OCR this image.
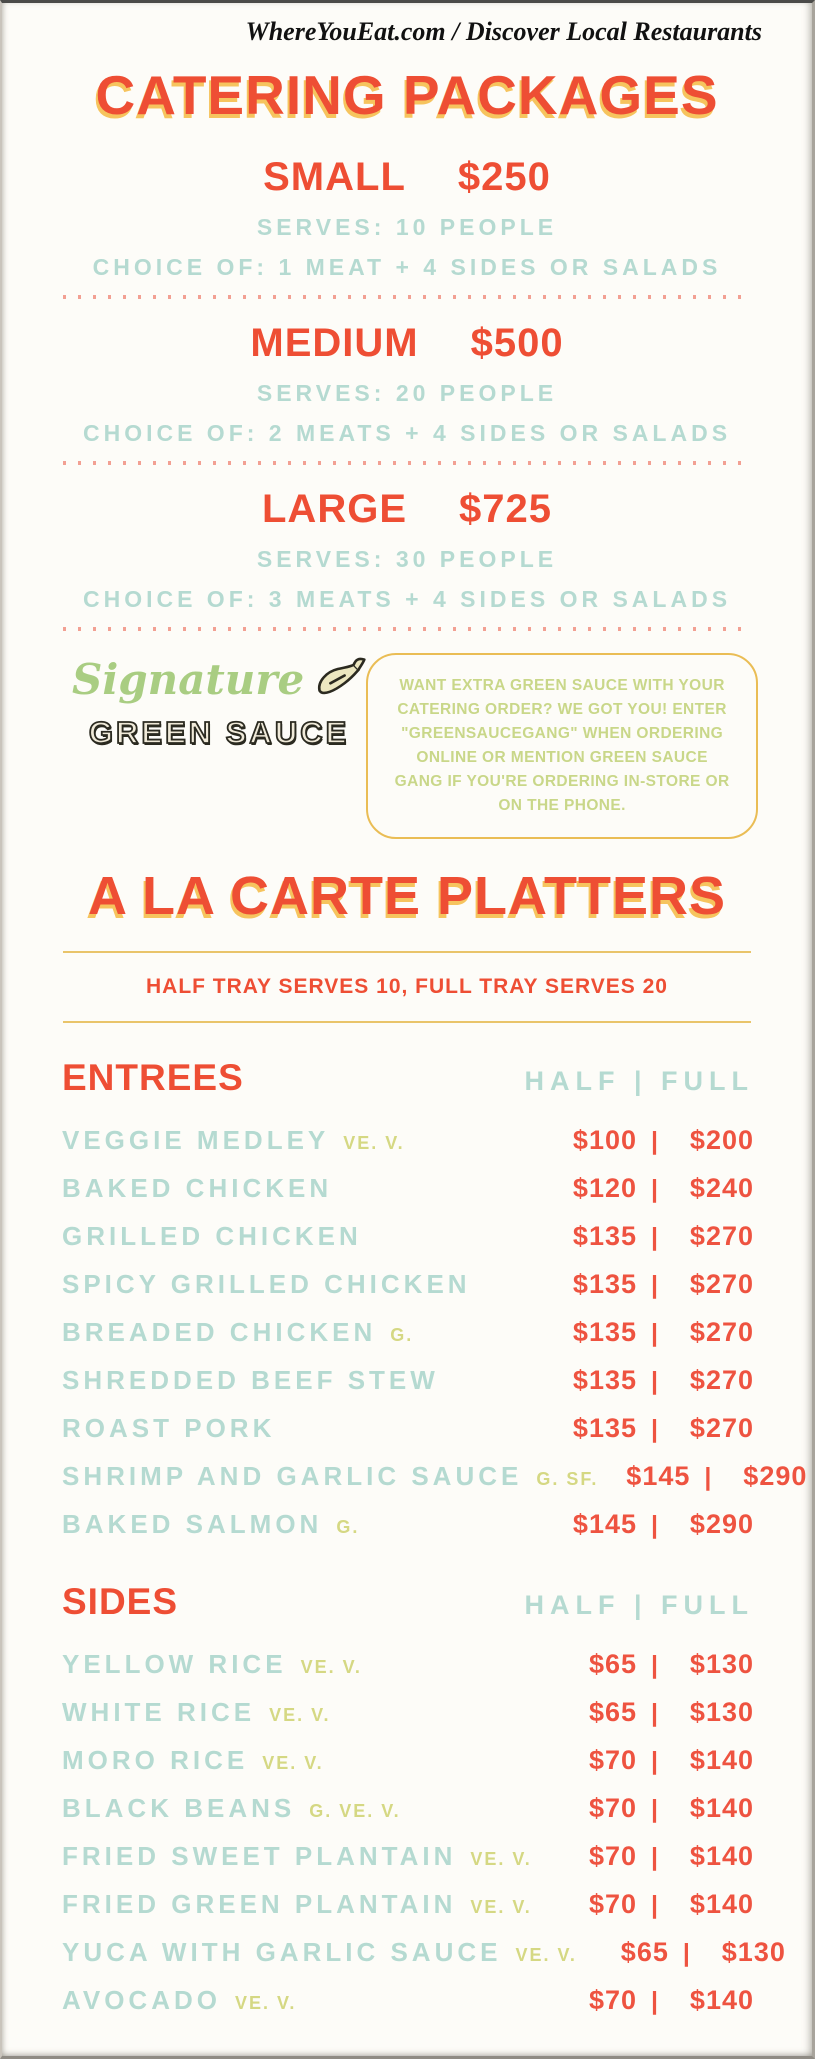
WhereYouEat.com / Discover Local Restaurants
CATERING PACKAGES
SMALL $250
SERVES: 10 PEOPLE
CHOICE OF: 1 MEAT + 4 SIDES OR SALADS
MEDIUM $500
SERVES: 20 PEOPLE
CHOICE OF: 2 MEATS + 4 SIDES OR SALADS
LARGE $725
SERVES: 30 PEOPLE
CHOICE OF: 3 MEATS + 4 SIDES OR SALADS
Signature
GREEN SAUCE
WANT EXTRA GREEN SAUCE WITH YOUR CATERING ORDER? WE GOT YOU! ENTER "GREENSAUCEGANG" WHEN ORDERING ONLINE OR MENTION GREEN SAUCE GANG IF YOU'RE ORDERING IN-STORE OR ON THE PHONE.
A LA CARTE PLATTERS
HALF TRAY SERVES 10, FULL TRAY SERVES 20
ENTREES	HALF | FULL
VEGGIE MEDLEY VE. V.	$100 |	$200
BAKED CHICKEN	$120 |	$240
GRILLED CHICKEN	$135 |	$270
SPICY GRILLED CHICKEN	$135 |	$270
BREADED CHICKEN G.	$135 |	$270
SHREDDED BEEF STEW	$135 |	$270
ROAST PORK	$135 |	$270
SHRIMP AND GARLIC SAUCE G. SF.	$145 |	$290
BAKED SALMON G.	$145 |	$290
SIDES	HALF | FULL
YELLOW RICE VE. V.	$65 |	$130
WHITE RICE VE. V.	$65 |	$130
MORO RICE VE. V.	$70 |	$140
BLACK BEANS G. VE. V.	$70 |	$140
FRIED SWEET PLANTAIN VE. V.	$70 |	$140
FRIED GREEN PLANTAIN VE. V.	$70 |	$140
YUCA WITH GARLIC SAUCE VE. V.	$65 |	$130
AVOCADO VE. V.	$70 |	$140
